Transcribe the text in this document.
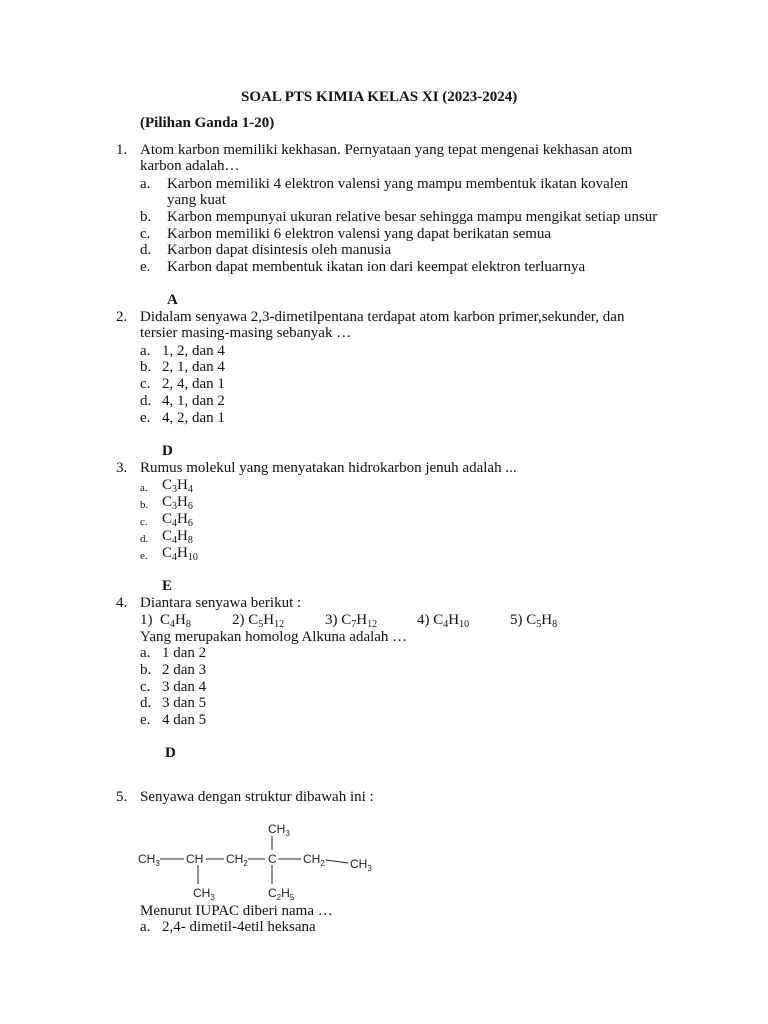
SOAL PTS KIMIA KELAS XI (2023-2024)
(Pilihan Ganda 1-20)
1. Atom karbon memiliki kekhasan. Pernyataan yang tepat mengenai kekhasan atom
karbon adalah…
a. Karbon memiliki 4 elektron valensi yang mampu membentuk ikatan kovalen
yang kuat
b. Karbon mempunyai ukuran relative besar sehingga mampu mengikat setiap unsur
c. Karbon memiliki 6 elektron valensi yang dapat berikatan semua
d. Karbon dapat disintesis oleh manusia
e. Karbon dapat membentuk ikatan ion dari keempat elektron terluarnya
A
2. Didalam senyawa 2,3-dimetilpentana terdapat atom karbon primer,sekunder, dan
tersier masing-masing sebanyak …
a. 1, 2, dan 4
b. 2, 1, dan 4
c. 2, 4, dan 1
d. 4, 1, dan 2
e. 4, 2, dan 1
D
3. Rumus molekul yang menyatakan hidrokarbon jenuh adalah ...
a. $C_3H_4$
b. $C_3H_6$
c. $C_4H_6$
d. $C_4H_8$
e. $C_4H_{10}$
E
4. Diantara senyawa berikut :
1) $C_4H_8$	2) $C_5H_{12}$	3) $C_7H_{12}$	4) $C_4H_{10}$	5) $C_5H_8$
Yang merupakan homolog Alkuna adalah …
a. 1 dan 2
b. 2 dan 3
c. 3 dan 4
d. 3 dan 5
e. 4 dan 5
D
5. Senyawa dengan struktur dibawah ini :
$CH_3$
$CH_3$ CH $CH_2$ C $CH_2$ $CH_3$
$CH_3$	$C_2H_5$
Menurut IUPAC diberi nama …
a. 2,4- dimetil-4etil heksana
